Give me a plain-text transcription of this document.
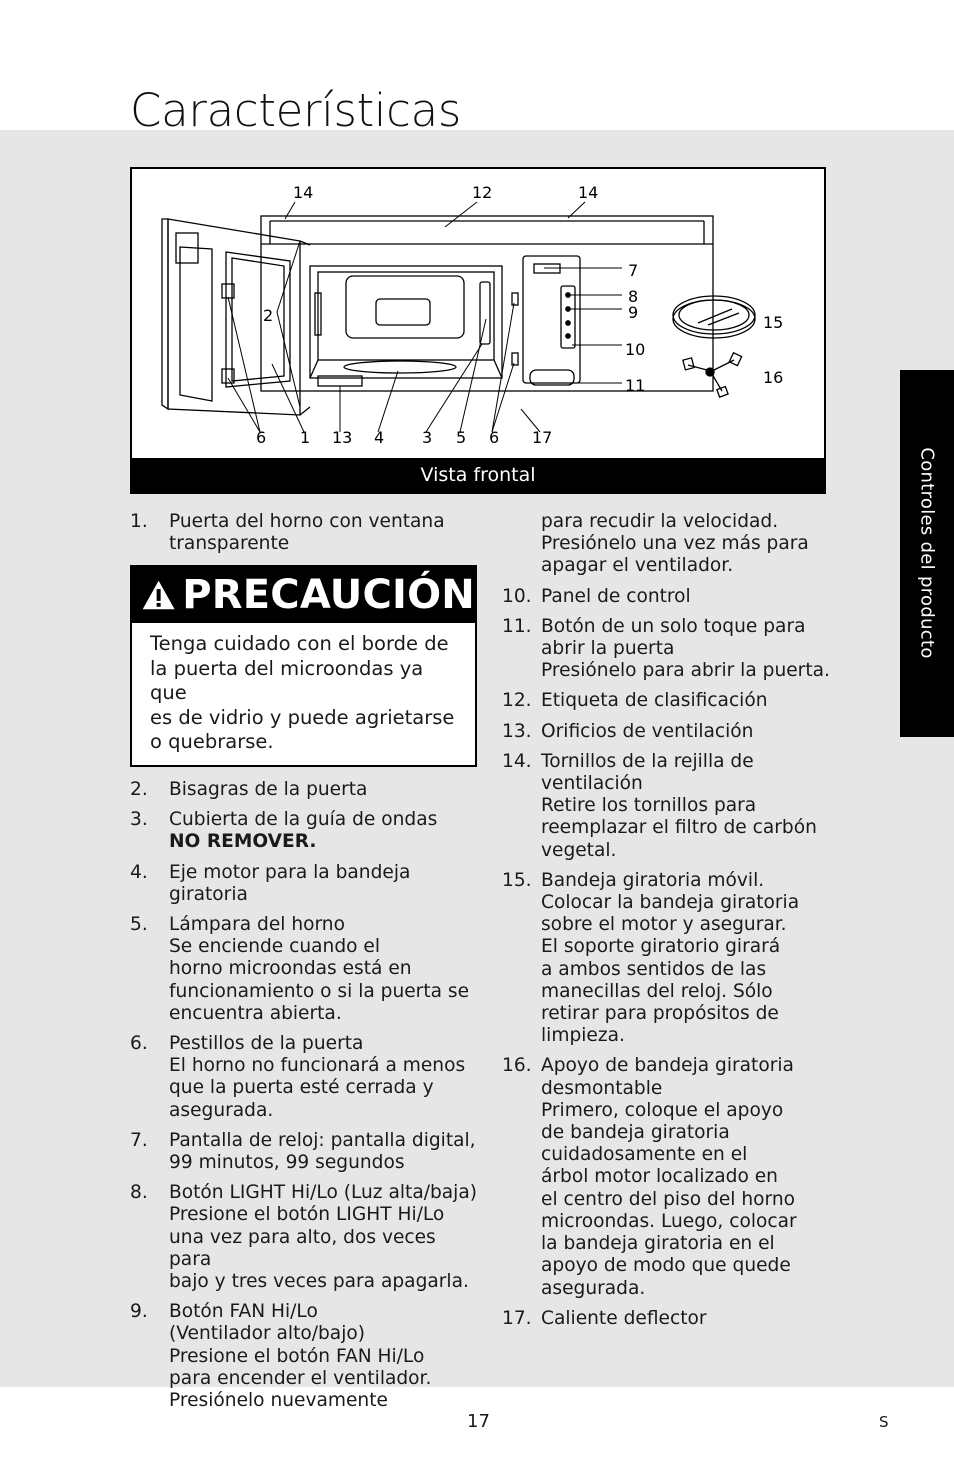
Características
14	12	14
7
8
9
15
10
16
11
2
6 1 13 4 3 5 6 17
Vista frontal	Controles del producto
1. Puerta del horno con ventana
transparente
PRECAUCIÓN
Tenga cuidado con el borde de
la puerta del microondas ya que
es de vidrio y puede agrietarse
o quebrarse.
2. Bisagras de la puerta
3. Cubierta de la guía de ondas
NO REMOVER.
4. Eje motor para la bandeja
giratoria
5. Lámpara del horno
Se enciende cuando el
horno microondas está en
funcionamiento o si la puerta se
encuentra abierta.
6. Pestillos de la puerta
El horno no funcionará a menos
que la puerta esté cerrada y
asegurada.
7. Pantalla de reloj: pantalla digital,
99 minutos, 99 segundos
8. Botón LIGHT Hi/Lo (Luz alta/baja)
Presione el botón LIGHT Hi/Lo
una vez para alto, dos veces para
bajo y tres veces para apagarla.
9. Botón FAN Hi/Lo
(Ventilador alto/bajo)
Presione el botón FAN Hi/Lo
para encender el ventilador.
Presiónelo nuevamente
para recudir la velocidad.
Presiónelo una vez más para
apagar el ventilador.
10. Panel de control
11. Botón de un solo toque para
abrir la puerta
Presiónelo para abrir la puerta.
12. Etiqueta de clasificación
13. Orificios de ventilación
14. Tornillos de la rejilla de
ventilación
Retire los tornillos para
reemplazar el filtro de carbón
vegetal.
15. Bandeja giratoria móvil.
Colocar la bandeja giratoria
sobre el motor y asegurar.
El soporte giratorio girará
a ambos sentidos de las
manecillas del reloj. Sólo
retirar para propósitos de
limpieza.
16. Apoyo de bandeja giratoria
desmontable
Primero, coloque el apoyo
de bandeja giratoria
cuidadosamente en el
árbol motor localizado en
el centro del piso del horno
microondas. Luego, colocar
la bandeja giratoria en el
apoyo de modo que quede
asegurada.
17. Caliente deflector
17	S
